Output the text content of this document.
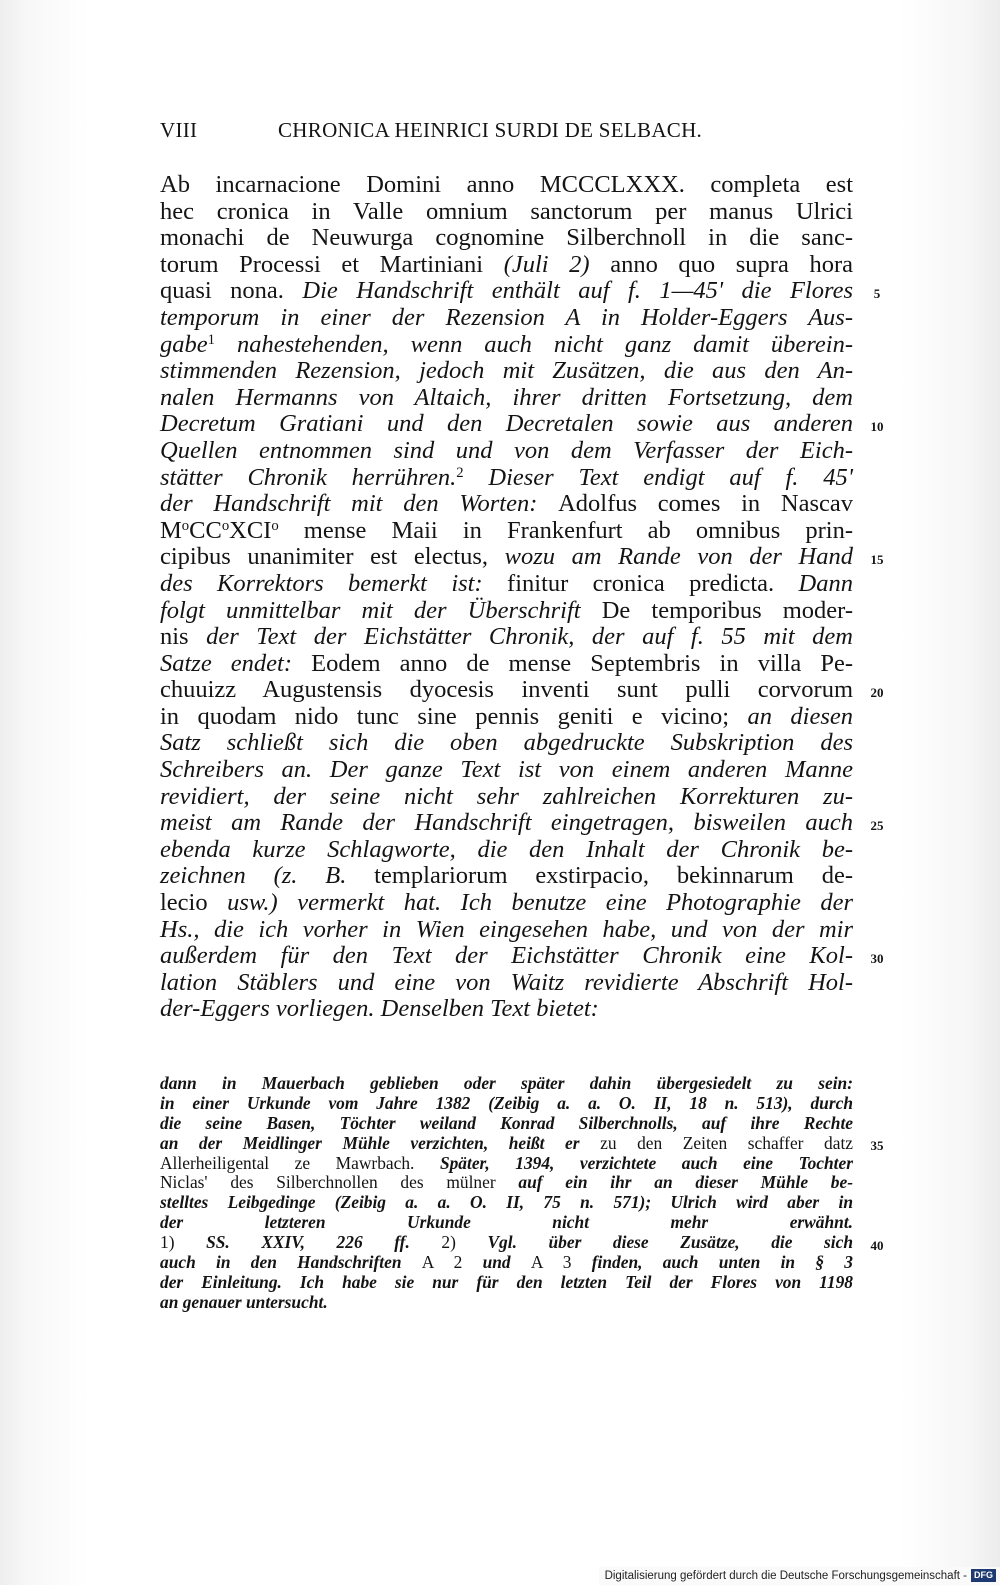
VIII	CHRONICA HEINRICI SURDI DE SELBACH.
Ab incarnacione Domini anno MCCCLXXX. completa est
hec cronica in Valle omnium sanctorum per manus Ulrici
monachi de Neuwurga cognomine Silberchnoll in die sanc-
torum Processi et Martiniani (Juli 2) anno quo supra hora
quasi nona. Die Handschrift enthält auf f. 1—45' die Flores
temporum in einer der Rezension A in Holder-Eggers Aus-
gabe$^1$ nahestehenden, wenn auch nicht ganz damit überein-
stimmenden Rezension, jedoch mit Zusätzen, die aus den An-
nalen Hermanns von Altaich, ihrer dritten Fortsetzung, dem
Decretum Gratiani und den Decretalen sowie aus anderen
Quellen entnommen sind und von dem Verfasser der Eich-
stätter Chronik herrühren.$^2$ Dieser Text endigt auf f. 45'
der Handschrift mit den Worten: Adolfus comes in Nascav
$M^oCC^oXCI^o$ mense Maii in Frankenfurt ab omnibus prin-
cipibus unanimiter est electus, wozu am Rande von der Hand
des Korrektors bemerkt ist: finitur cronica predicta. Dann
folgt unmittelbar mit der Überschrift De temporibus moder-
nis der Text der Eichstätter Chronik, der auf f. 55 mit dem
Satze endet: Eodem anno de mense Septembris in villa Pe-
chuuizz Augustensis dyocesis inventi sunt pulli corvorum
in quodam nido tunc sine pennis geniti e vicino; an diesen
Satz schließt sich die oben abgedruckte Subskription des
Schreibers an. Der ganze Text ist von einem anderen Manne
revidiert, der seine nicht sehr zahlreichen Korrekturen zu-
meist am Rande der Handschrift eingetragen, bisweilen auch
ebenda kurze Schlagworte, die den Inhalt der Chronik be-
zeichnen (z. B. templariorum exstirpacio, bekinnarum de-
lecio usw.) vermerkt hat. Ich benutze eine Photographie der
Hs., die ich vorher in Wien eingesehen habe, und von der mir
außerdem für den Text der Eichstätter Chronik eine Kol-
lation Stäblers und eine von Waitz revidierte Abschrift Hol-
der-Eggers vorliegen. Denselben Text bietet:
5
10
15
20
25
30
dann in Mauerbach geblieben oder später dahin übergesiedelt zu sein:
in einer Urkunde vom Jahre 1382 (Zeibig a. a. O. II, 18 n. 513), durch
die seine Basen, Töchter weiland Konrad Silberchnolls, auf ihre Rechte
an der Meidlinger Mühle verzichten, heißt er zu den Zeiten schaffer datz
Allerheiligental ze Mawrbach. Später, 1394, verzichtete auch eine Tochter
Niclas' des Silberchnollen des mülner auf ein ihr an dieser Mühle be-
stelltes Leibgedinge (Zeibig a. a. O. II, 75 n. 571); Ulrich wird aber in
der letzteren Urkunde nicht mehr erwähnt.
1) SS. XXIV, 226 ff. 2) Vgl. über diese Zusätze, die sich
auch in den Handschriften A 2 und A 3 finden, auch unten in § 3
der Einleitung. Ich habe sie nur für den letzten Teil der Flores von 1198
an genauer untersucht.
35
40
Digitalisierung gefördert durch die Deutsche Forschungsgemeinschaft - DFG
